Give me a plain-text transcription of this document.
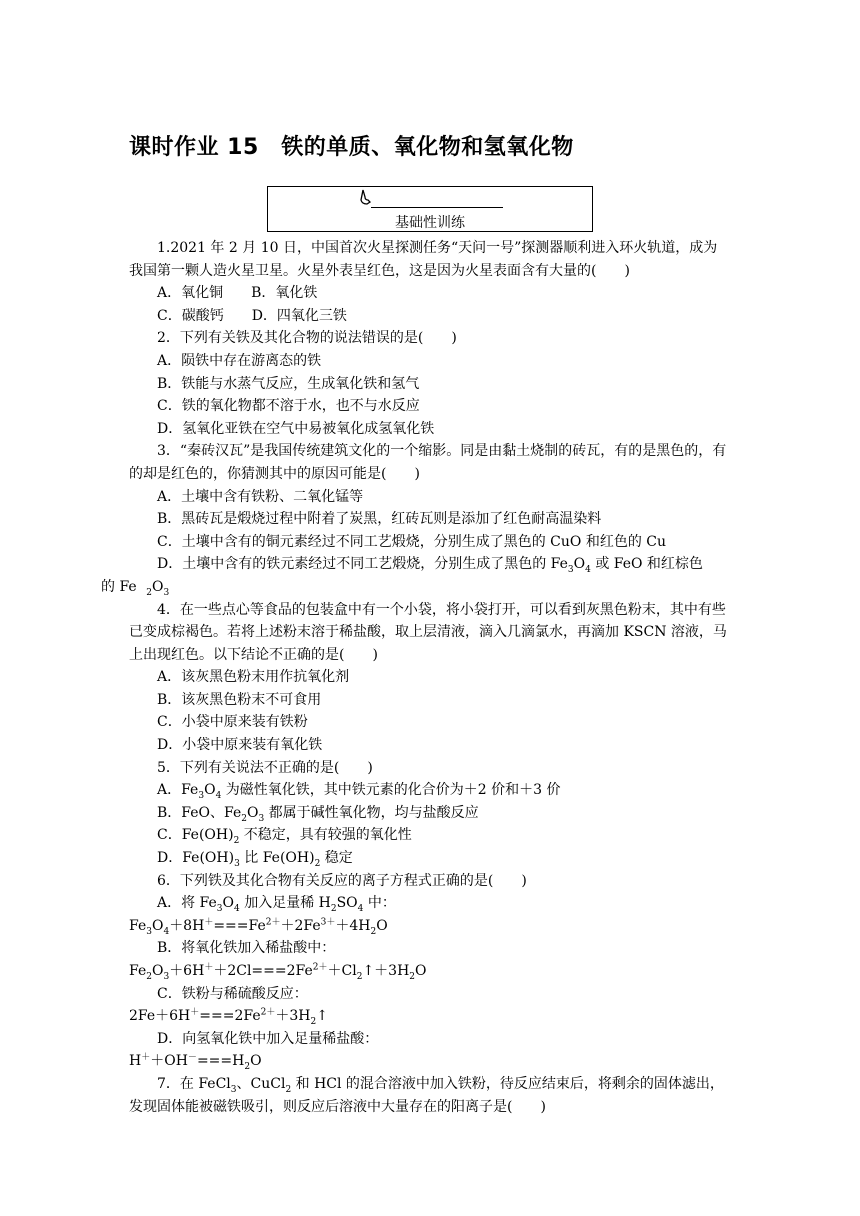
课时作业 15　铁的单质、氧化物和氢氧化物
基础性训练

1.2021 年 2 月 10 日，中国首次火星探测任务“天问一号”探测器顺利进入环火轨道，成为我国第一颗人造火星卫星。火星外表呈红色，这是因为火星表面含有大量的(　　)

A．氧化铜　　B．氧化铁

C．碳酸钙　　D．四氧化三铁

2．下列有关铁及其化合物的说法错误的是(　　)

A．陨铁中存在游离态的铁

B．铁能与水蒸气反应，生成氧化铁和氢气

C．铁的氧化物都不溶于水，也不与水反应

D．氢氧化亚铁在空气中易被氧化成氢氧化铁

3．“秦砖汉瓦”是我国传统建筑文化的一个缩影。同是由黏土烧制的砖瓦，有的是黑色的，有的却是红色的，你猜测其中的原因可能是(　　)

A．土壤中含有铁粉、二氧化锰等

B．黑砖瓦是煅烧过程中附着了炭黑，红砖瓦则是添加了红色耐高温染料

C．土壤中含有的铜元素经过不同工艺煅烧，分别生成了黑色的 CuO 和红色的 Cu

D．土壤中含有的铁元素经过不同工艺煅烧，分别生成了黑色的 $Fe_3O_4$ 或 FeO 和红棕色
的 Fe $_2O_3$

4．在一些点心等食品的包装盒中有一个小袋，将小袋打开，可以看到灰黑色粉末，其中有些已变成棕褐色。若将上述粉末溶于稀盐酸，取上层清液，滴入几滴氯水，再滴加 KSCN 溶液，马上出现红色。以下结论不正确的是(　　)

A．该灰黑色粉末用作抗氧化剂

B．该灰黑色粉末不可食用

C．小袋中原来装有铁粉

D．小袋中原来装有氧化铁

5．下列有关说法不正确的是(　　)

A．$Fe_3O_4$ 为磁性氧化铁，其中铁元素的化合价为＋2 价和＋3 价

B．FeO、$Fe_2O_3$ 都属于碱性氧化物，均与盐酸反应

C．$Fe(OH)_2$ 不稳定，具有较强的氧化性

D．$Fe(OH)_3$ 比 $Fe(OH)_2$ 稳定

6．下列铁及其化合物有关反应的离子方程式正确的是(　　)

A．将 $Fe_3O_4$ 加入足量稀 $H_2SO_4$ 中：

$Fe_3O_4+8H^+===Fe^{2+}+2Fe^{3+}+4H_2O$

B．将氧化铁加入稀盐酸中：

$Fe_2O_3+6H^++2Cl===2Fe^{2+}+Cl_2↑+3H_2O$

C．铁粉与稀硫酸反应：

$2Fe+6H^+===2Fe^{2+}+3H_2↑$

D．向氢氧化铁中加入足量稀盐酸：

$H^++OH^-===H_2O$

7．在 FeCl$_3$、CuCl$_2$ 和 HCl 的混合溶液中加入铁粉，待反应结束后，将剩余的固体滤出，发现固体能被磁铁吸引，则反应后溶液中大量存在的阳离子是(　　)
